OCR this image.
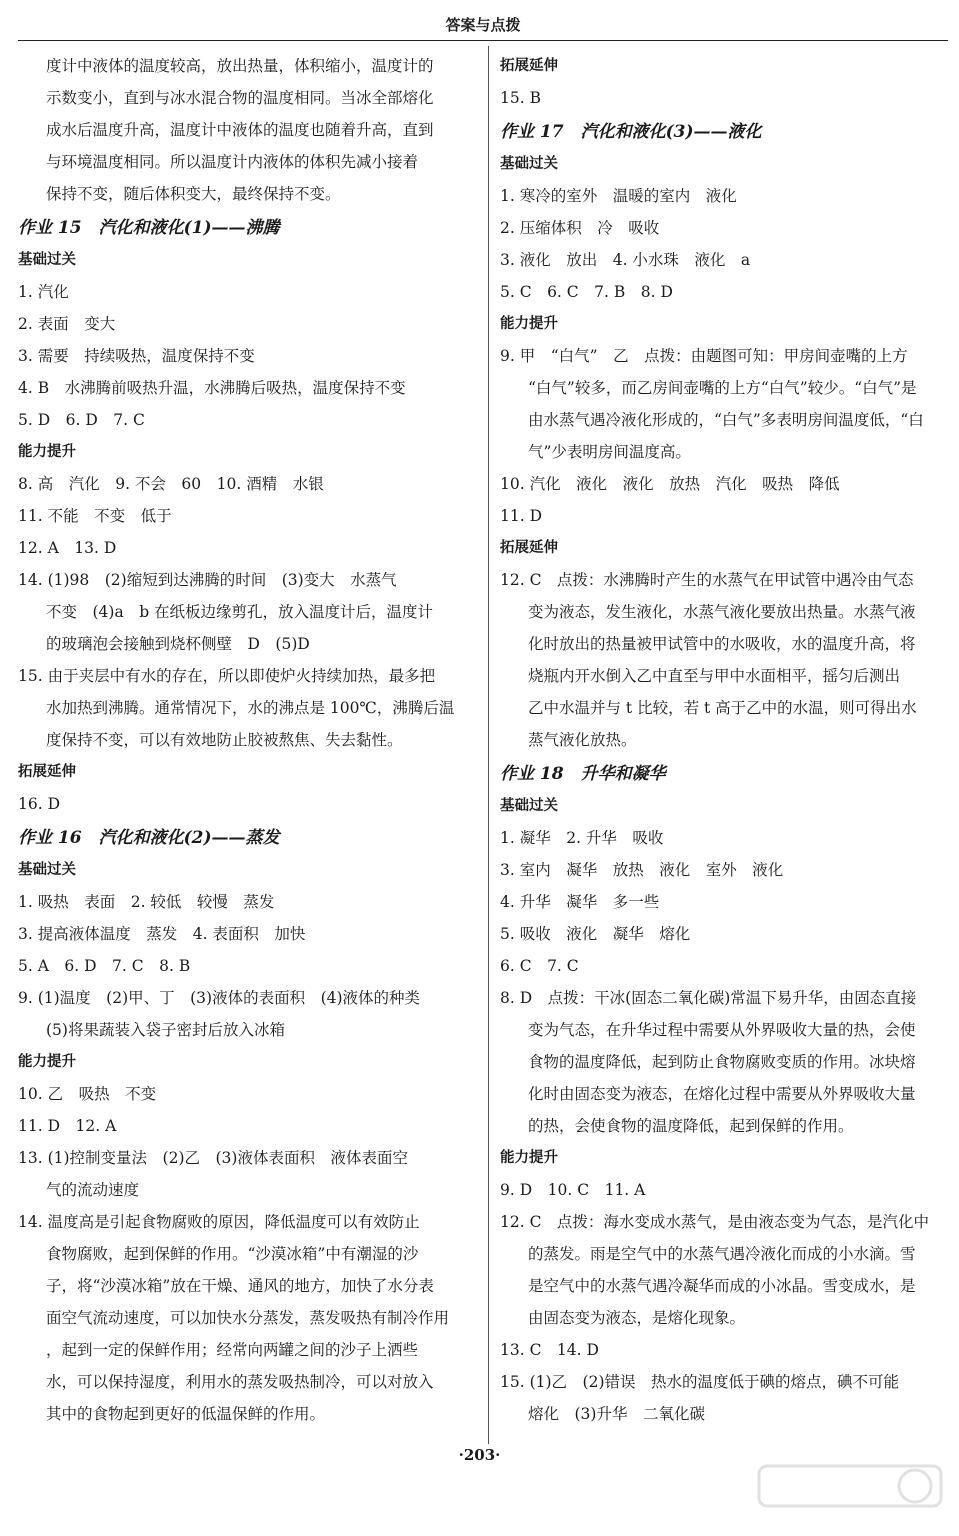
答案与点拨
度计中液体的温度较高，放出热量，体积缩小，温度计的
示数变小，直到与冰水混合物的温度相同。当冰全部熔化
成水后温度升高，温度计中液体的温度也随着升高，直到
与环境温度相同。所以温度计内液体的体积先减小接着
保持不变，随后体积变大，最终保持不变。
作业 15　汽化和液化(1)——沸腾
基础过关
1. 汽化
2. 表面　变大
3. 需要　持续吸热，温度保持不变
4. B　水沸腾前吸热升温，水沸腾后吸热，温度保持不变
5. D　6. D　7. C
能力提升
8. 高　汽化　9. 不会　60　10. 酒精　水银
11. 不能　不变　低于
12. A　13. D
14. (1)98　(2)缩短到达沸腾的时间　(3)变大　水蒸气
不变　(4)a　b 在纸板边缘剪孔，放入温度计后，温度计
的玻璃泡会接触到烧杯侧壁　D　(5)D
15. 由于夹层中有水的存在，所以即使炉火持续加热，最多把
水加热到沸腾。通常情况下，水的沸点是 100℃，沸腾后温
度保持不变，可以有效地防止胶被熬焦、失去黏性。
拓展延伸
16. D
作业 16　汽化和液化(2)——蒸发
基础过关
1. 吸热　表面　2. 较低　较慢　蒸发
3. 提高液体温度　蒸发　4. 表面积　加快
5. A　6. D　7. C　8. B
9. (1)温度　(2)甲、丁　(3)液体的表面积　(4)液体的种类
(5)将果蔬装入袋子密封后放入冰箱
能力提升
10. 乙　吸热　不变
11. D　12. A
13. (1)控制变量法　(2)乙　(3)液体表面积　液体表面空
气的流动速度
14. 温度高是引起食物腐败的原因，降低温度可以有效防止
食物腐败，起到保鲜的作用。“沙漠冰箱”中有潮湿的沙
子，将“沙漠冰箱”放在干燥、通风的地方，加快了水分表
面空气流动速度，可以加快水分蒸发，蒸发吸热有制冷作用
，起到一定的保鲜作用；经常向两罐之间的沙子上洒些
水，可以保持湿度，利用水的蒸发吸热制冷，可以对放入
其中的食物起到更好的低温保鲜的作用。
拓展延伸
15. B
作业 17　汽化和液化(3)——液化
基础过关
1. 寒冷的室外　温暖的室内　液化
2. 压缩体积　冷　吸收
3. 液化　放出　4. 小水珠　液化　a
5. C　6. C　7. B　8. D
能力提升
9. 甲　“白气”　乙　点拨：由题图可知：甲房间壶嘴的上方
“白气”较多，而乙房间壶嘴的上方“白气”较少。“白气”是
由水蒸气遇冷液化形成的，“白气”多表明房间温度低，“白
气”少表明房间温度高。
10. 汽化　液化　液化　放热　汽化　吸热　降低
11. D
拓展延伸
12. C　点拨：水沸腾时产生的水蒸气在甲试管中遇冷由气态
变为液态，发生液化，水蒸气液化要放出热量。水蒸气液
化时放出的热量被甲试管中的水吸收，水的温度升高，将
烧瓶内开水倒入乙中直至与甲中水面相平，摇匀后测出
乙中水温并与 t 比较，若 t 高于乙中的水温，则可得出水
蒸气液化放热。
作业 18　升华和凝华
基础过关
1. 凝华　2. 升华　吸收
3. 室内　凝华　放热　液化　室外　液化
4. 升华　凝华　多一些
5. 吸收　液化　凝华　熔化
6. C　7. C
8. D　点拨：干冰(固态二氧化碳)常温下易升华，由固态直接
变为气态，在升华过程中需要从外界吸收大量的热，会使
食物的温度降低，起到防止食物腐败变质的作用。冰块熔
化时由固态变为液态，在熔化过程中需要从外界吸收大量
的热，会使食物的温度降低，起到保鲜的作用。
能力提升
9. D　10. C　11. A
12. C　点拨：海水变成水蒸气，是由液态变为气态，是汽化中
的蒸发。雨是空气中的水蒸气遇冷液化而成的小水滴。雪
是空气中的水蒸气遇冷凝华而成的小冰晶。雪变成水，是
由固态变为液态，是熔化现象。
13. C　14. D
15. (1)乙　(2)错误　热水的温度低于碘的熔点，碘不可能
熔化　(3)升华　二氧化碳
·203·
